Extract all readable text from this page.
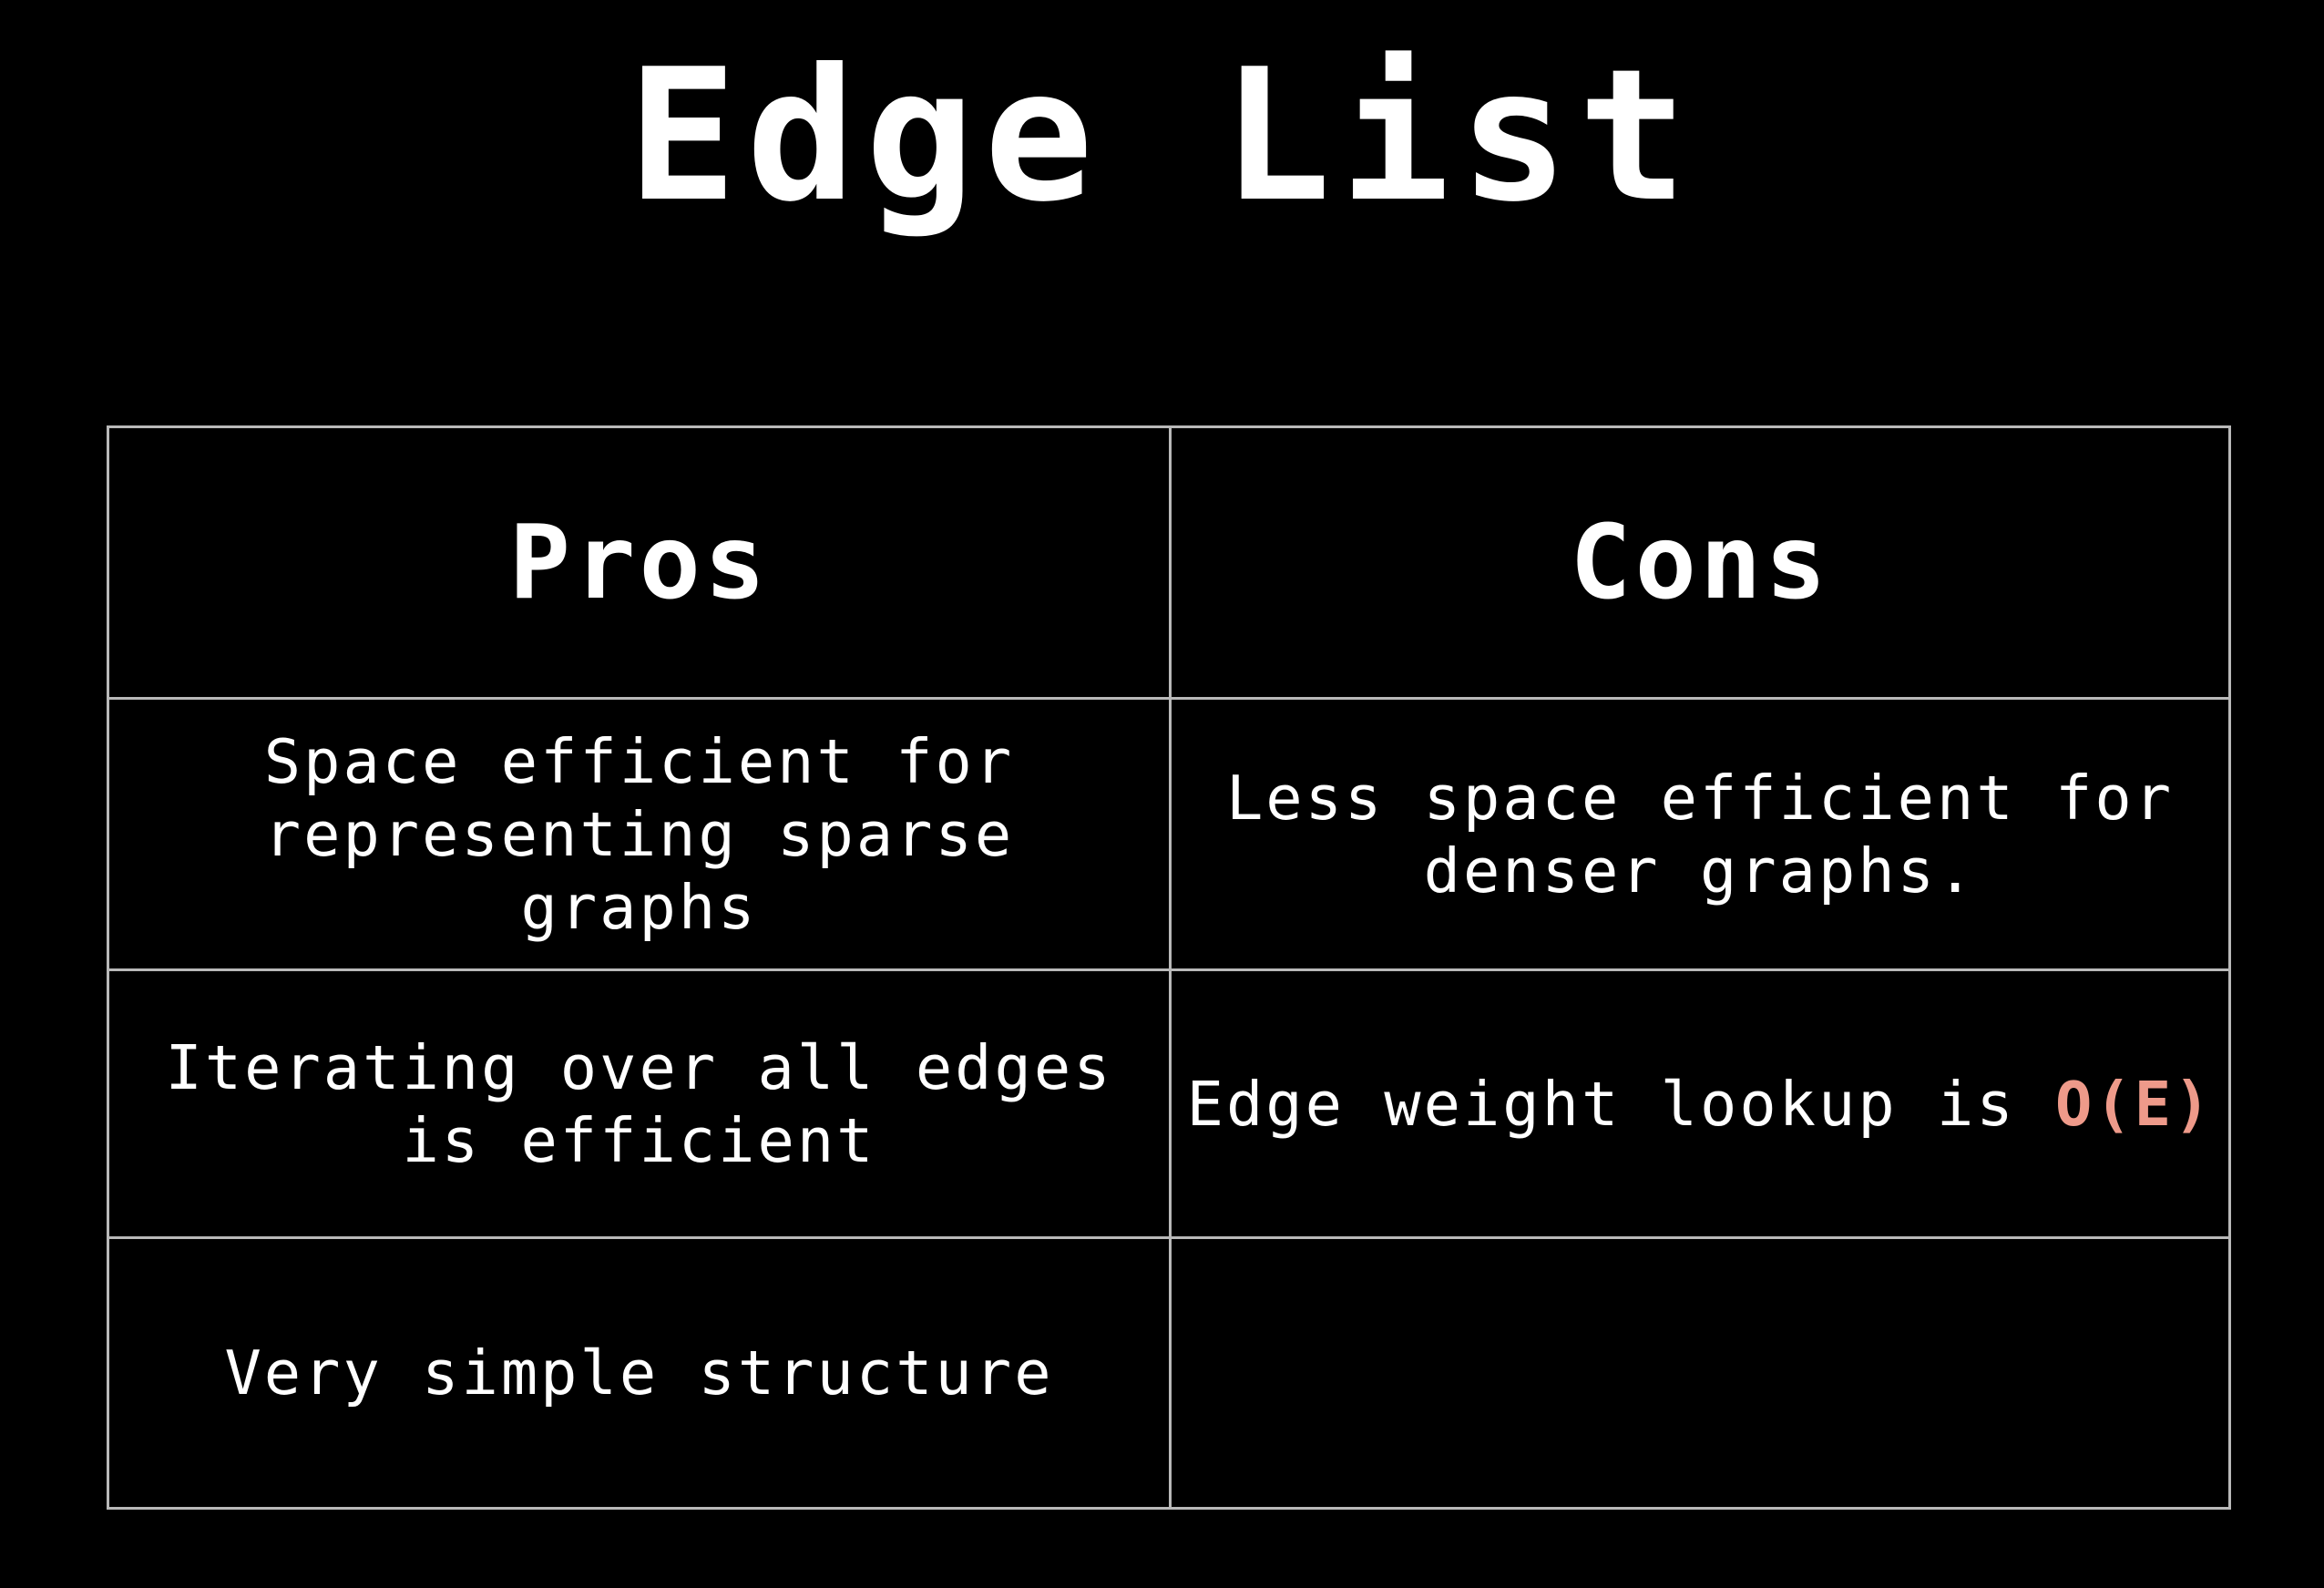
Edge List
Pros	Cons
Space efficient for
representing sparse graphs
Less space efficient for
denser graphs.
Iterating over all edges
is efficient
Edge weight lookup is O(E)
Very simple structure
